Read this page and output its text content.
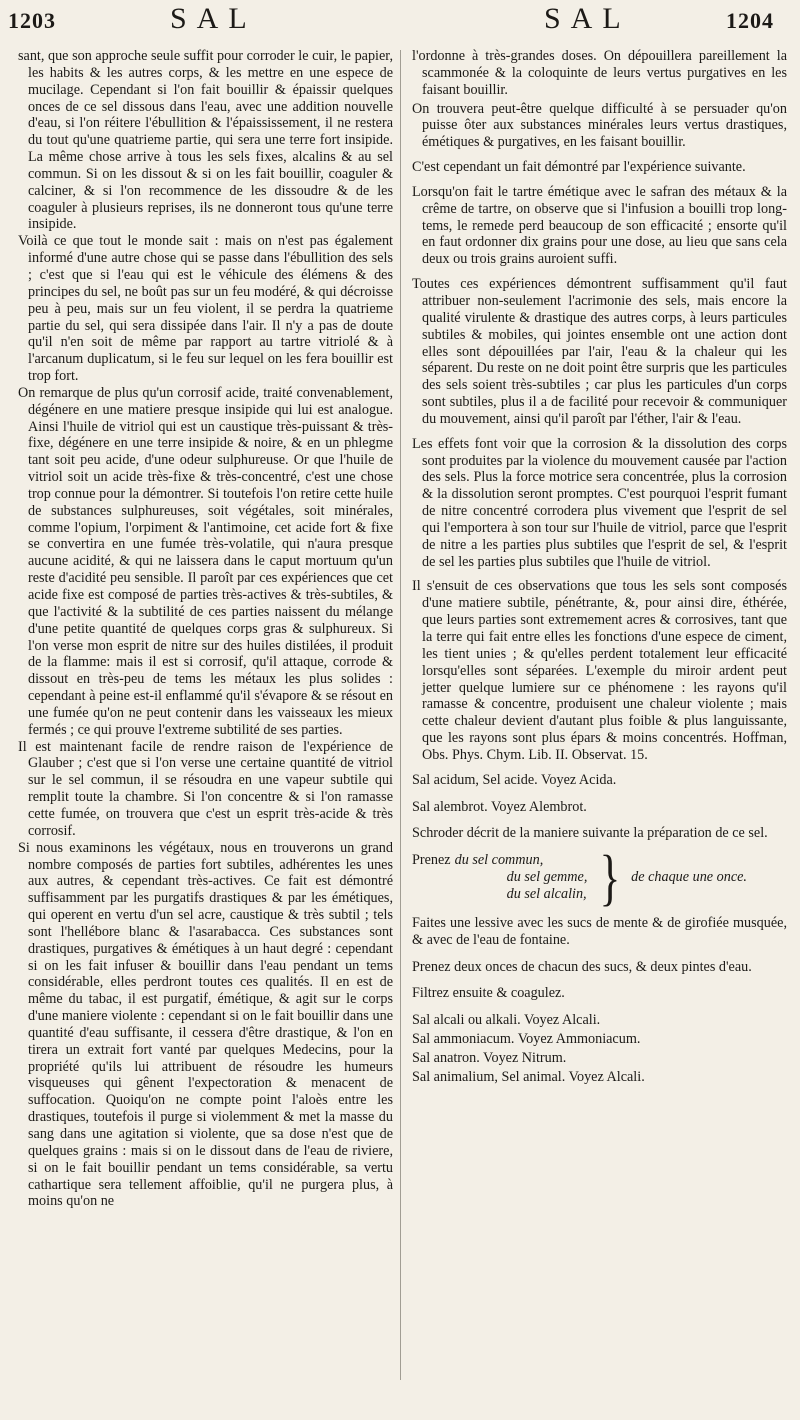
1203	SAL	SAL	1204

sant, que son approche seule suffit pour corroder le cuir, le papier, les habits & les autres corps, & les mettre en une espece de mucilage. Cependant si l'on fait bouillir & épaissir quelques onces de ce sel dissous dans l'eau, avec une addition nouvelle d'eau, si l'on réitere l'ébullition & l'épaississement, il ne restera du tout qu'une quatrieme partie, qui sera une terre fort insipide. La même chose arrive à tous les sels fixes, alcalins & au sel commun. Si on les dissout & si on les fait bouillir, coaguler & calciner, & si l'on recommence de les dissoudre & de les coaguler à plusieurs reprises, ils ne donneront tous qu'une terre insipide.

Voilà ce que tout le monde sait : mais on n'est pas également informé d'une autre chose qui se passe dans l'ébullition des sels ; c'est que si l'eau qui est le véhicule des élémens & des principes du sel, ne boût pas sur un feu modéré, & qui décroisse peu à peu, mais sur un feu violent, il se perdra la quatrieme partie du sel, qui sera dissipée dans l'air. Il n'y a pas de doute qu'il n'en soit de même par rapport au tartre vitriolé & à l'arcanum duplicatum, si le feu sur lequel on les fera bouillir est trop fort.

On remarque de plus qu'un corrosif acide, traité convenablement, dégénere en une matiere presque insipide qui lui est analogue. Ainsi l'huile de vitriol qui est un caustique très-puissant & très-fixe, dégénere en une terre insipide & noire, & en un phlegme tant soit peu acide, d'une odeur sulphureuse. Or que l'huile de vitriol soit un acide très-fixe & très-concentré, c'est une chose trop connue pour la démontrer. Si toutefois l'on retire cette huile de substances sulphureuses, soit végétales, soit minérales, comme l'opium, l'orpiment & l'antimoine, cet acide fort & fixe se convertira en une fumée très-volatile, qui n'aura presque aucune acidité, & qui ne laissera dans le caput mortuum qu'un reste d'acidité peu sensible. Il paroît par ces expériences que cet acide fixe est composé de parties très-actives & très-subtiles, & que l'activité & la subtilité de ces parties naissent du mélange d'une petite quantité de quelques corps gras & sulphureux. Si l'on verse mon esprit de nitre sur des huiles distilées, il produit de la flamme: mais il est si corrosif, qu'il attaque, corrode & dissout en très-peu de tems les métaux les plus solides : cependant à peine est-il enflammé qu'il s'évapore & se résout en une fumée qu'on ne peut contenir dans les vaisseaux les mieux fermés ; ce qui prouve l'extreme subtilité de ses parties.

Il est maintenant facile de rendre raison de l'expérience de Glauber ; c'est que si l'on verse une certaine quantité de vitriol sur le sel commun, il se résoudra en une vapeur subtile qui remplit toute la chambre. Si l'on concentre & si l'on ramasse cette fumée, on trouvera que c'est un esprit très-acide & très corrosif.

Si nous examinons les végétaux, nous en trouverons un grand nombre composés de parties fort subtiles, adhérentes les unes aux autres, & cependant très-actives. Ce fait est démontré suffisamment par les purgatifs drastiques & par les émétiques, qui operent en vertu d'un sel acre, caustique & très subtil ; tels sont l'hellébore blanc & l'asarabacca. Ces substances sont drastiques, purgatives & émétiques à un haut degré : cependant si on les fait infuser & bouillir dans l'eau pendant un tems considérable, elles perdront toutes ces qualités. Il en est de même du tabac, il est purgatif, émétique, & agit sur le corps d'une maniere violente : cependant si on le fait bouillir dans une quantité d'eau suffisante, il cessera d'être drastique, & l'on en tirera un extrait fort vanté par quelques Medecins, pour la propriété qu'ils lui attribuent de résoudre les humeurs visqueuses qui gênent l'expectoration & menacent de suffocation. Quoiqu'on ne compte point l'aloès entre les drastiques, toutefois il purge si violemment & met la masse du sang dans une agitation si violente, que sa dose n'est que de quelques grains : mais si on le dissout dans de l'eau de riviere, si on le fait bouillir pendant un tems considérable, sa vertu cathartique sera tellement affoiblie, qu'il ne purgera plus, à moins qu'on ne

l'ordonne à très-grandes doses. On dépouillera pareillement la scammonée & la coloquinte de leurs vertus purgatives en les faisant bouillir.

On trouvera peut-être quelque difficulté à se persuader qu'on puisse ôter aux substances minérales leurs vertus drastiques, émétiques & purgatives, en les faisant bouillir.

C'est cependant un fait démontré par l'expérience suivante.

Lorsqu'on fait le tartre émétique avec le safran des métaux & la crême de tartre, on observe que si l'infusion a bouilli trop long-tems, le remede perd beaucoup de son efficacité ; ensorte qu'il en faut ordonner dix grains pour une dose, au lieu que sans cela deux ou trois grains auroient suffi.

Toutes ces expériences démontrent suffisamment qu'il faut attribuer non-seulement l'acrimonie des sels, mais encore la qualité virulente & drastique des autres corps, à leurs particules subtiles & mobiles, qui jointes ensemble ont une action dont elles sont dépouillées par l'air, l'eau & la chaleur qui les séparent. Du reste on ne doit point être surpris que les particules des sels soient très-subtiles ; car plus les particules d'un corps sont subtiles, plus il a de facilité pour recevoir & communiquer du mouvement, ainsi qu'il paroît par l'éther, l'air & l'eau.

Les effets font voir que la corrosion & la dissolution des corps sont produites par la violence du mouvement causée par l'action des sels. Plus la force motrice sera concentrée, plus la corrosion & la dissolution seront promptes. C'est pourquoi l'esprit fumant de nitre concentré corrodera plus vivement que l'esprit de sel qui l'emportera à son tour sur l'huile de vitriol, parce que l'esprit de nitre a les parties plus subtiles que l'esprit de sel, & l'esprit de sel les parties plus subtiles que l'huile de vitriol.

Il s'ensuit de ces observations que tous les sels sont composés d'une matiere subtile, pénétrante, &, pour ainsi dire, éthérée, que leurs parties sont extremement acres & corrosives, tant que la terre qui fait entre elles les fonctions d'une espece de ciment, les tient unies ; & qu'elles perdent totalement leur efficacité lorsqu'elles sont séparées. L'exemple du miroir ardent peut jetter quelque lumiere sur ce phénomene : les rayons qu'il ramasse & concentre, produisent une chaleur violente ; mais cette chaleur devient d'autant plus foible & plus languissante, que les rayons sont plus épars & moins concentrés. Hoffman, Obs. Phys. Chym. Lib. II. Observat. 15.

Sal acidum, Sel acide. Voyez Acida.

Sal alembrot. Voyez Alembrot.

Schroder décrit de la maniere suivante la préparation de ce sel.

Prenez du sel commun,
du sel gemme,
du sel alcalin, } de chaque une once.

Faites une lessive avec les sucs de mente & de girofiée musquée, & avec de l'eau de fontaine.

Prenez deux onces de chacun des sucs, & deux pintes d'eau.

Filtrez ensuite & coagulez.

Sal alcali ou alkali. Voyez Alcali.

Sal ammoniacum. Voyez Ammoniacum.

Sal anatron. Voyez Nitrum.

Sal animalium, Sel animal. Voyez Alcali.
